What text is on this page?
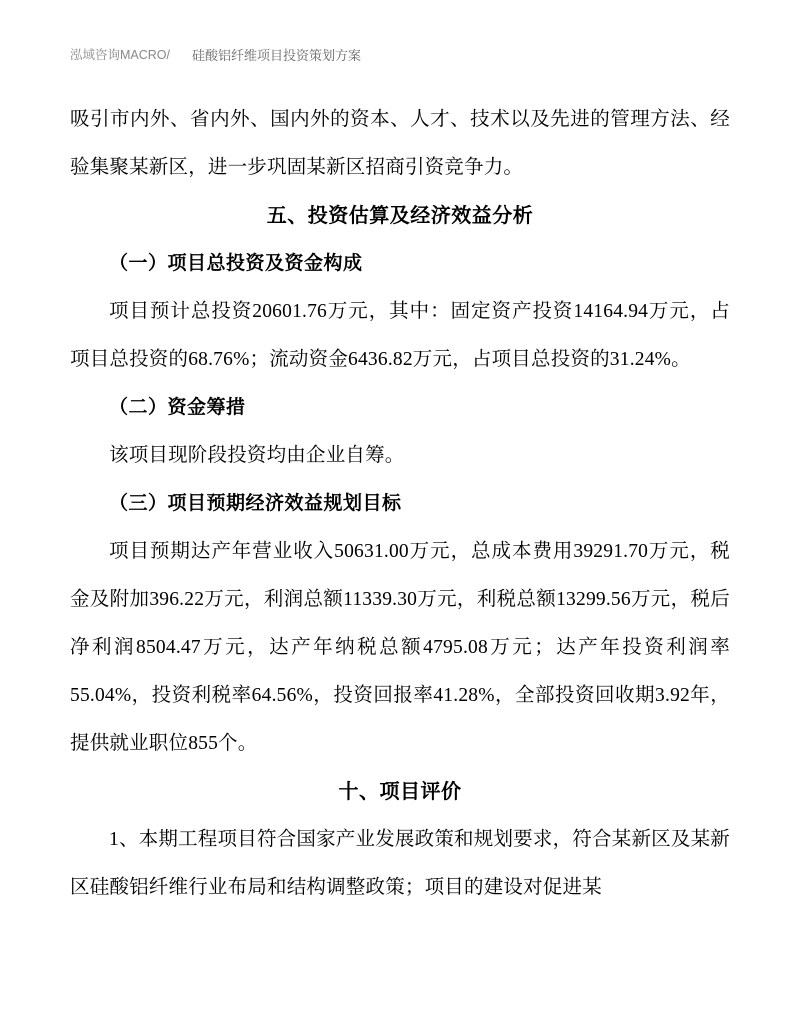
泓域咨询MACRO/ 硅酸铝纤维项目投资策划方案

吸引市内外、省内外、国内外的资本、人才、技术以及先进的管理方法、经验集聚某新区，进一步巩固某新区招商引资竞争力。

五、投资估算及经济效益分析
（一）项目总投资及资金构成

项目预计总投资20601.76万元，其中：固定资产投资14164.94万元，占项目总投资的68.76%；流动资金6436.82万元，占项目总投资的31.24%。

（二）资金筹措

该项目现阶段投资均由企业自筹。

（三）项目预期经济效益规划目标

项目预期达产年营业收入50631.00万元，总成本费用39291.70万元，税金及附加396.22万元，利润总额11339.30万元，利税总额13299.56万元，税后净利润8504.47万元，达产年纳税总额4795.08万元；达产年投资利润率55.04%，投资利税率64.56%，投资回报率41.28%，全部投资回收期3.92年，提供就业职位855个。

十、项目评价

1、本期工程项目符合国家产业发展政策和规划要求，符合某新区及某新区硅酸铝纤维行业布局和结构调整政策；项目的建设对促进某
